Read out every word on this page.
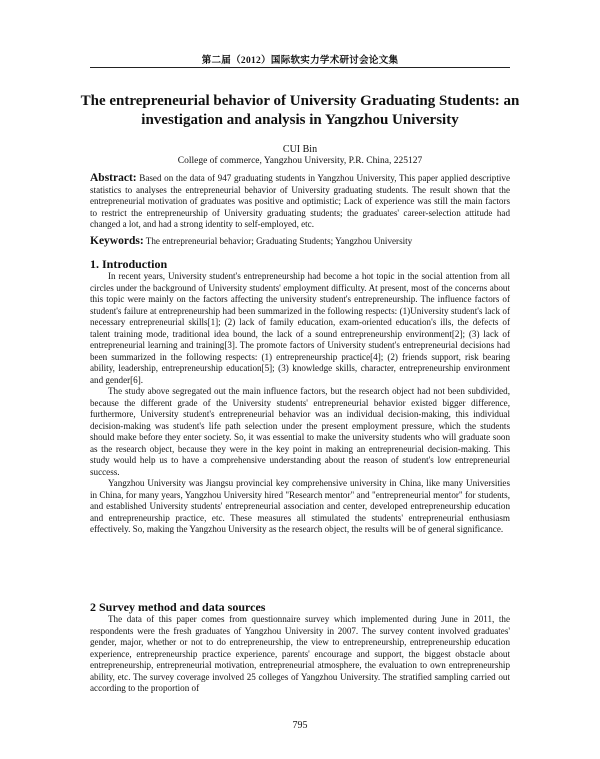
第二届（2012）国际软实力学术研讨会论文集
The entrepreneurial behavior of University Graduating Students: an investigation and analysis in Yangzhou University
CUI Bin
College of commerce, Yangzhou University, P.R. China, 225127
Abstract: Based on the data of 947 graduating students in Yangzhou University, This paper applied descriptive statistics to analyses the entrepreneurial behavior of University graduating students. The result shown that the entrepreneurial motivation of graduates was positive and optimistic; Lack of experience was still the main factors to restrict the entrepreneurship of University graduating students; the graduates' career-selection attitude had changed a lot, and had a strong identity to self-employed, etc.
Keywords: The entrepreneurial behavior; Graduating Students; Yangzhou University
1. Introduction

In recent years, University student's entrepreneurship had become a hot topic in the social attention from all circles under the background of University students' employment difficulty. At present, most of the concerns about this topic were mainly on the factors affecting the university student's entrepreneurship. The influence factors of student's failure at entrepreneurship had been summarized in the following respects: (1)University student's lack of necessary entrepreneurial skills[1]; (2) lack of family education, exam-oriented education's ills, the defects of talent training mode, traditional idea bound, the lack of a sound entrepreneurship environment[2]; (3) lack of entrepreneurial learning and training[3]. The promote factors of University student's entrepreneurial decisions had been summarized in the following respects: (1) entrepreneurship practice[4]; (2) friends support, risk bearing ability, leadership, entrepreneurship education[5]; (3) knowledge skills, character, entrepreneurship environment and gender[6].

The study above segregated out the main influence factors, but the research object had not been subdivided, because the different grade of the University students' entrepreneurial behavior existed bigger difference, furthermore, University student's entrepreneurial behavior was an individual decision-making, this individual decision-making was student's life path selection under the present employment pressure, which the students should make before they enter society. So, it was essential to make the university students who will graduate soon as the research object, because they were in the key point in making an entrepreneurial decision-making. This study would help us to have a comprehensive understanding about the reason of student's low entrepreneurial success.

Yangzhou University was Jiangsu provincial key comprehensive university in China, like many Universities in China, for many years, Yangzhou University hired "Research mentor" and "entrepreneurial mentor" for students, and established University students' entrepreneurial association and center, developed entrepreneurship education and entrepreneurship practice, etc. These measures all stimulated the students' entrepreneurial enthusiasm effectively. So, making the Yangzhou University as the research object, the results will be of general significance.

2 Survey method and data sources

The data of this paper comes from questionnaire survey which implemented during June in 2011, the respondents were the fresh graduates of Yangzhou University in 2007. The survey content involved graduates' gender, major, whether or not to do entrepreneurship, the view to entrepreneurship, entrepreneurship education experience, entrepreneurship practice experience, parents' encourage and support, the biggest obstacle about entrepreneurship, entrepreneurial motivation, entrepreneurial atmosphere, the evaluation to own entrepreneurship ability, etc. The survey coverage involved 25 colleges of Yangzhou University. The stratified sampling carried out according to the proportion of

795
